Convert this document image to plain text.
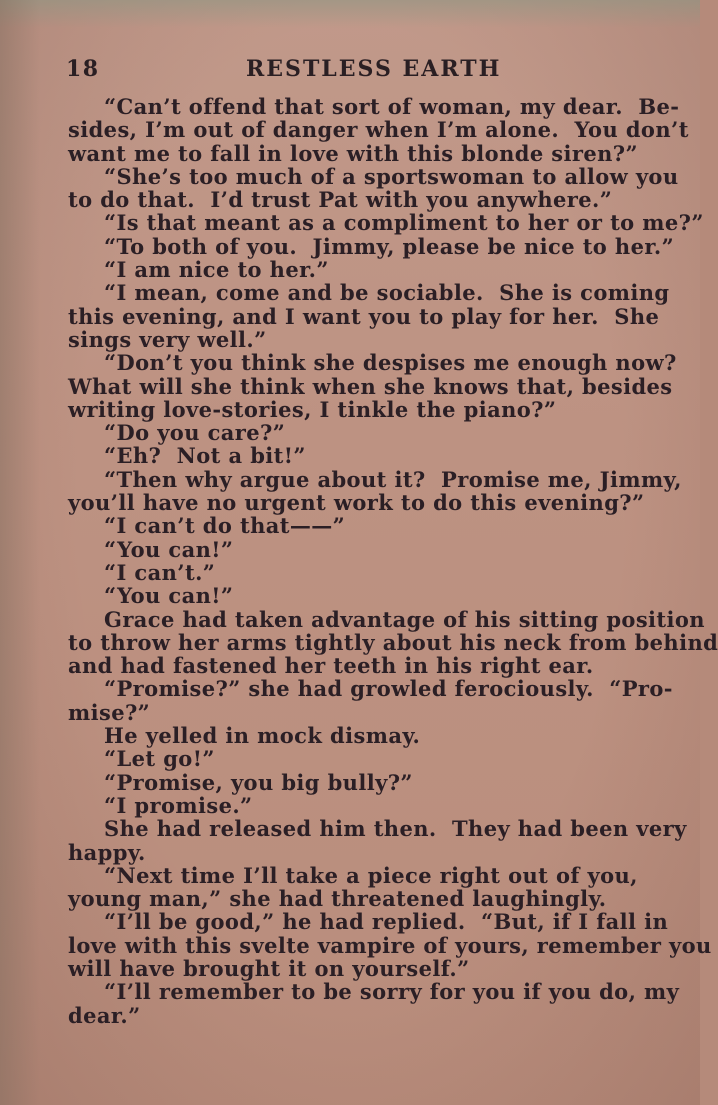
18	RESTLESS EARTH
“Can’t offend that sort of woman, my dear.  Be-
sides, I’m out of danger when I’m alone.  You don’t
want me to fall in love with this blonde siren?”
“She’s too much of a sportswoman to allow you
to do that.  I’d trust Pat with you anywhere.”
“Is that meant as a compliment to her or to me?”
“To both of you.  Jimmy, please be nice to her.”
“I am nice to her.”
“I mean, come and be sociable.  She is coming
this evening, and I want you to play for her.  She
sings very well.”
“Don’t you think she despises me enough now?
What will she think when she knows that, besides
writing love-stories, I tinkle the piano?”
“Do you care?”
“Eh?  Not a bit!”
“Then why argue about it?  Promise me, Jimmy,
you’ll have no urgent work to do this evening?”
“I can’t do that——”
“You can!”
“I can’t.”
“You can!”
Grace had taken advantage of his sitting position
to throw her arms tightly about his neck from behind
and had fastened her teeth in his right ear.
“Promise?” she had growled ferociously.  “Pro-
mise?”
He yelled in mock dismay.
“Let go!”
“Promise, you big bully?”
“I promise.”
She had released him then.  They had been very
happy.
“Next time I’ll take a piece right out of you,
young man,” she had threatened laughingly.
“I’ll be good,” he had replied.  “But, if I fall in
love with this svelte vampire of yours, remember you
will have brought it on yourself.”
“I’ll remember to be sorry for you if you do, my
dear.”
